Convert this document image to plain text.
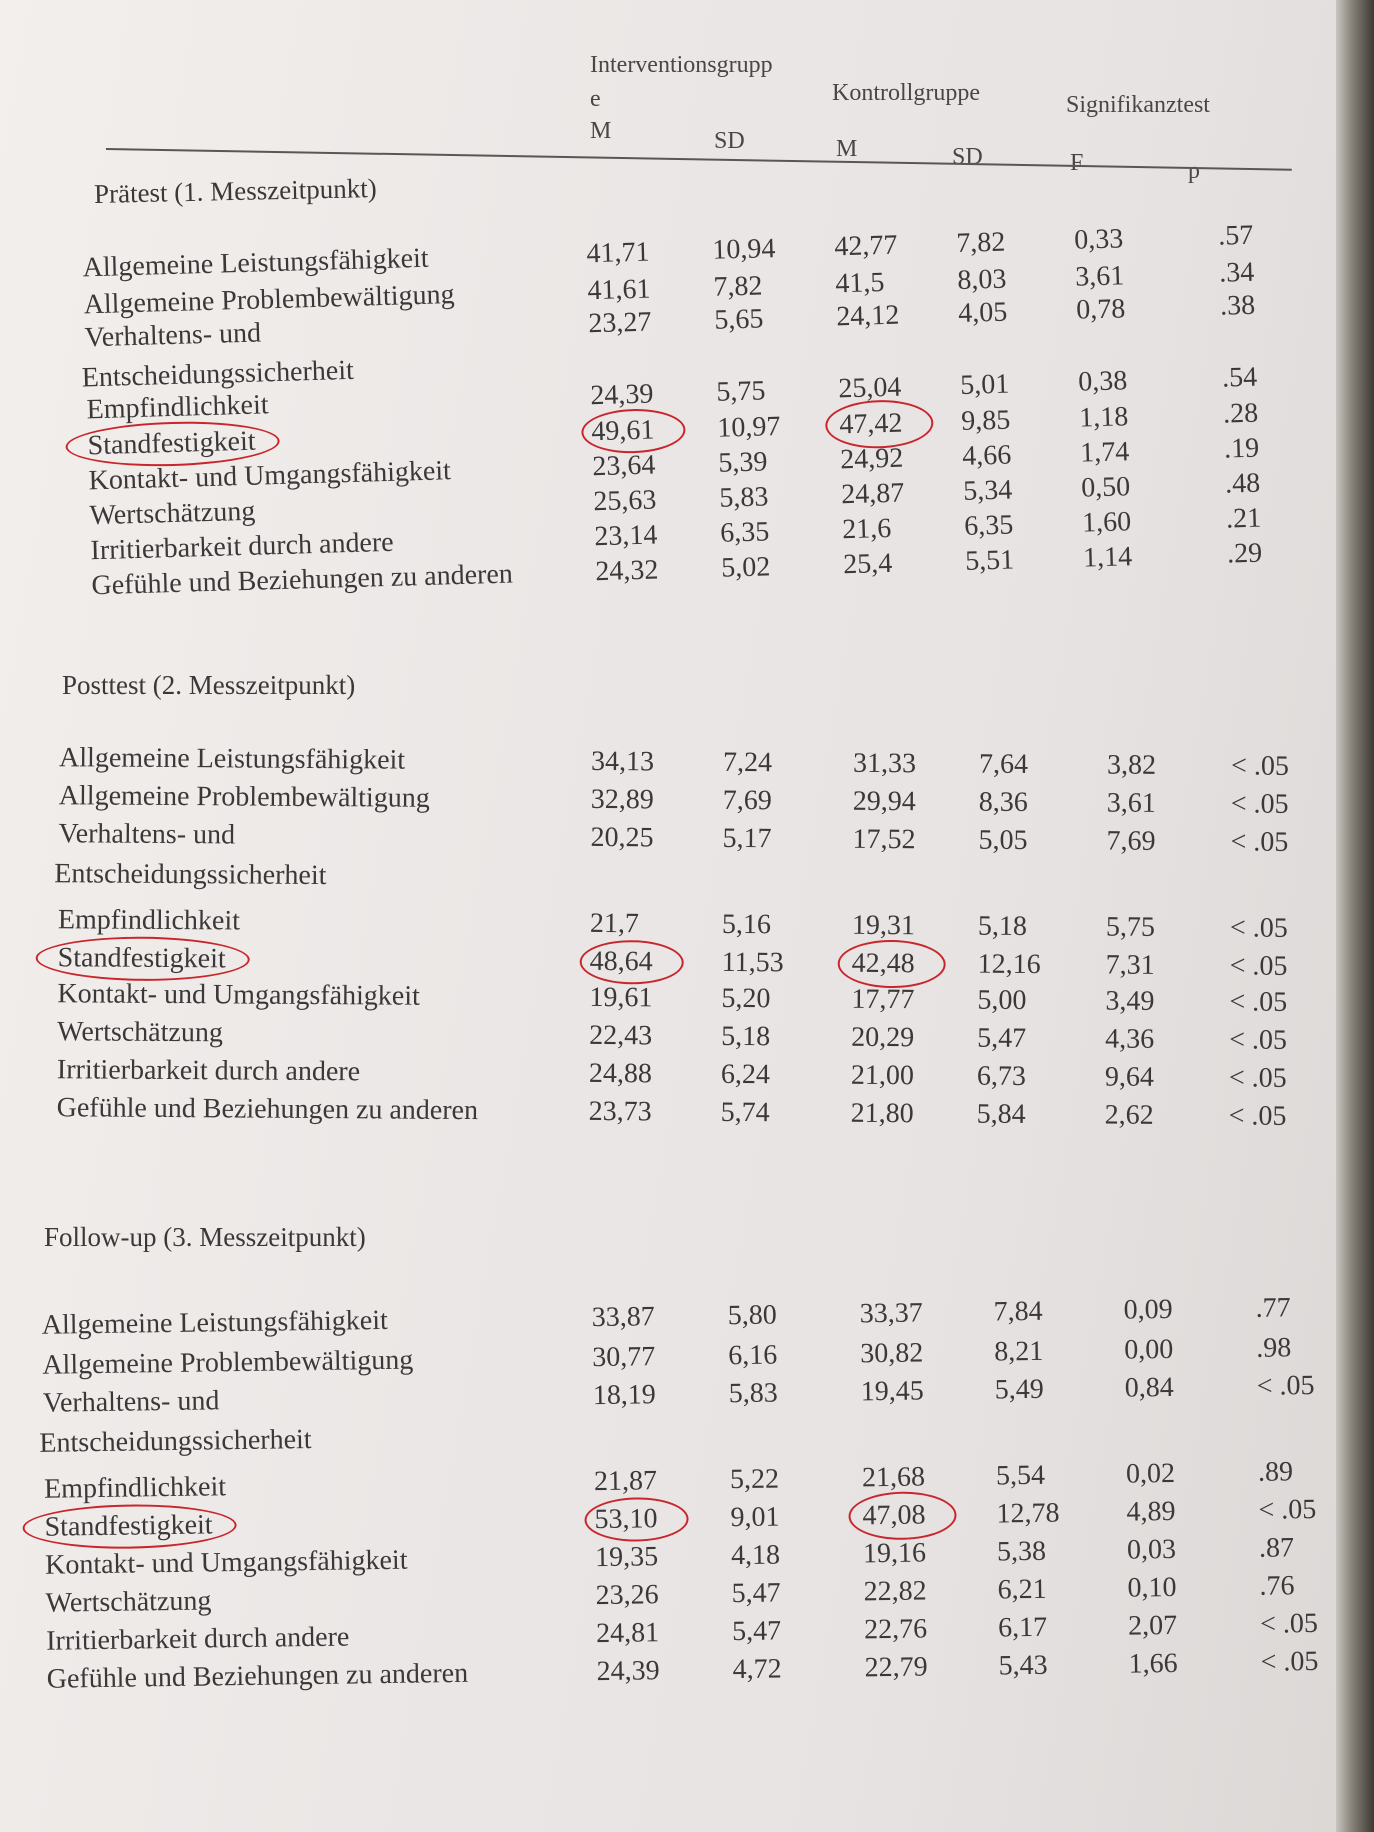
Interventionsgrupp
e	Kontrollgruppe	Signifikanztest
M	SD	M	SD	F	p
Prätest (1. Messzeitpunkt)
Allgemeine Leistungsfähigkeit	41,71 10,94 42,77 7,82 0,33	.57
Allgemeine Problembewältigung	41,61 7,82	41,5	8,03 3,61	.34
Verhaltens- und
Entscheidungssicherheit
23,27 5,65	24,12 4,05 0,78	.38
Empfindlichkeit	24,39 5,75	25,04 5,01 0,38	.54
Standfestigkeit	49,61 10,97 47,42 9,85 1,18	.28
Kontakt- und Umgangsfähigkeit	23,64 5,39	24,92 4,66 1,74	.19
Wertschätzung	25,63 5,83	24,87 5,34 0,50	.48
Irritierbarkeit durch andere	23,14 6,35	21,6	6,35 1,60	.21
Gefühle und Beziehungen zu anderen	24,32 5,02	25,4	5,51 1,14	.29
Posttest (2. Messzeitpunkt)
Allgemeine Leistungsfähigkeit	34,13 7,24	31,33 7,64	3,82	< .05
Allgemeine Problembewältigung	32,89 7,69	29,94 8,36	3,61	< .05
Verhaltens- und
Entscheidungssicherheit
20,25 5,17	17,52 5,05	7,69	< .05
Empfindlichkeit	21,7	5,16	19,31 5,18	5,75	< .05
Standfestigkeit	48,64 11,53 42,48 12,16 7,31	< .05
Kontakt- und Umgangsfähigkeit	19,61 5,20	17,77 5,00	3,49	< .05
Wertschätzung	22,43 5,18	20,29 5,47	4,36	< .05
Irritierbarkeit durch andere	24,88 6,24	21,00 6,73	9,64	< .05
Gefühle und Beziehungen zu anderen	23,73 5,74	21,80 5,84	2,62	< .05
Follow-up (3. Messzeitpunkt)
Allgemeine Leistungsfähigkeit	33,87	5,80	33,37	7,84	0,09	.77
Allgemeine Problembewältigung	30,77	6,16	30,82	8,21	0,00	.98
Verhaltens- und
Entscheidungssicherheit
18,19	5,83	19,45	5,49	0,84	< .05
Empfindlichkeit	21,87	5,22	21,68	5,54	0,02	.89
Standfestigkeit	53,10	9,01	47,08	12,78 4,89	< .05
Kontakt- und Umgangsfähigkeit	19,35	4,18	19,16	5,38	0,03	.87
Wertschätzung	23,26	5,47	22,82	6,21	0,10	.76
Irritierbarkeit durch andere	24,81	5,47	22,76	6,17	2,07	< .05
Gefühle und Beziehungen zu anderen	24,39	4,72	22,79	5,43	1,66	< .05
